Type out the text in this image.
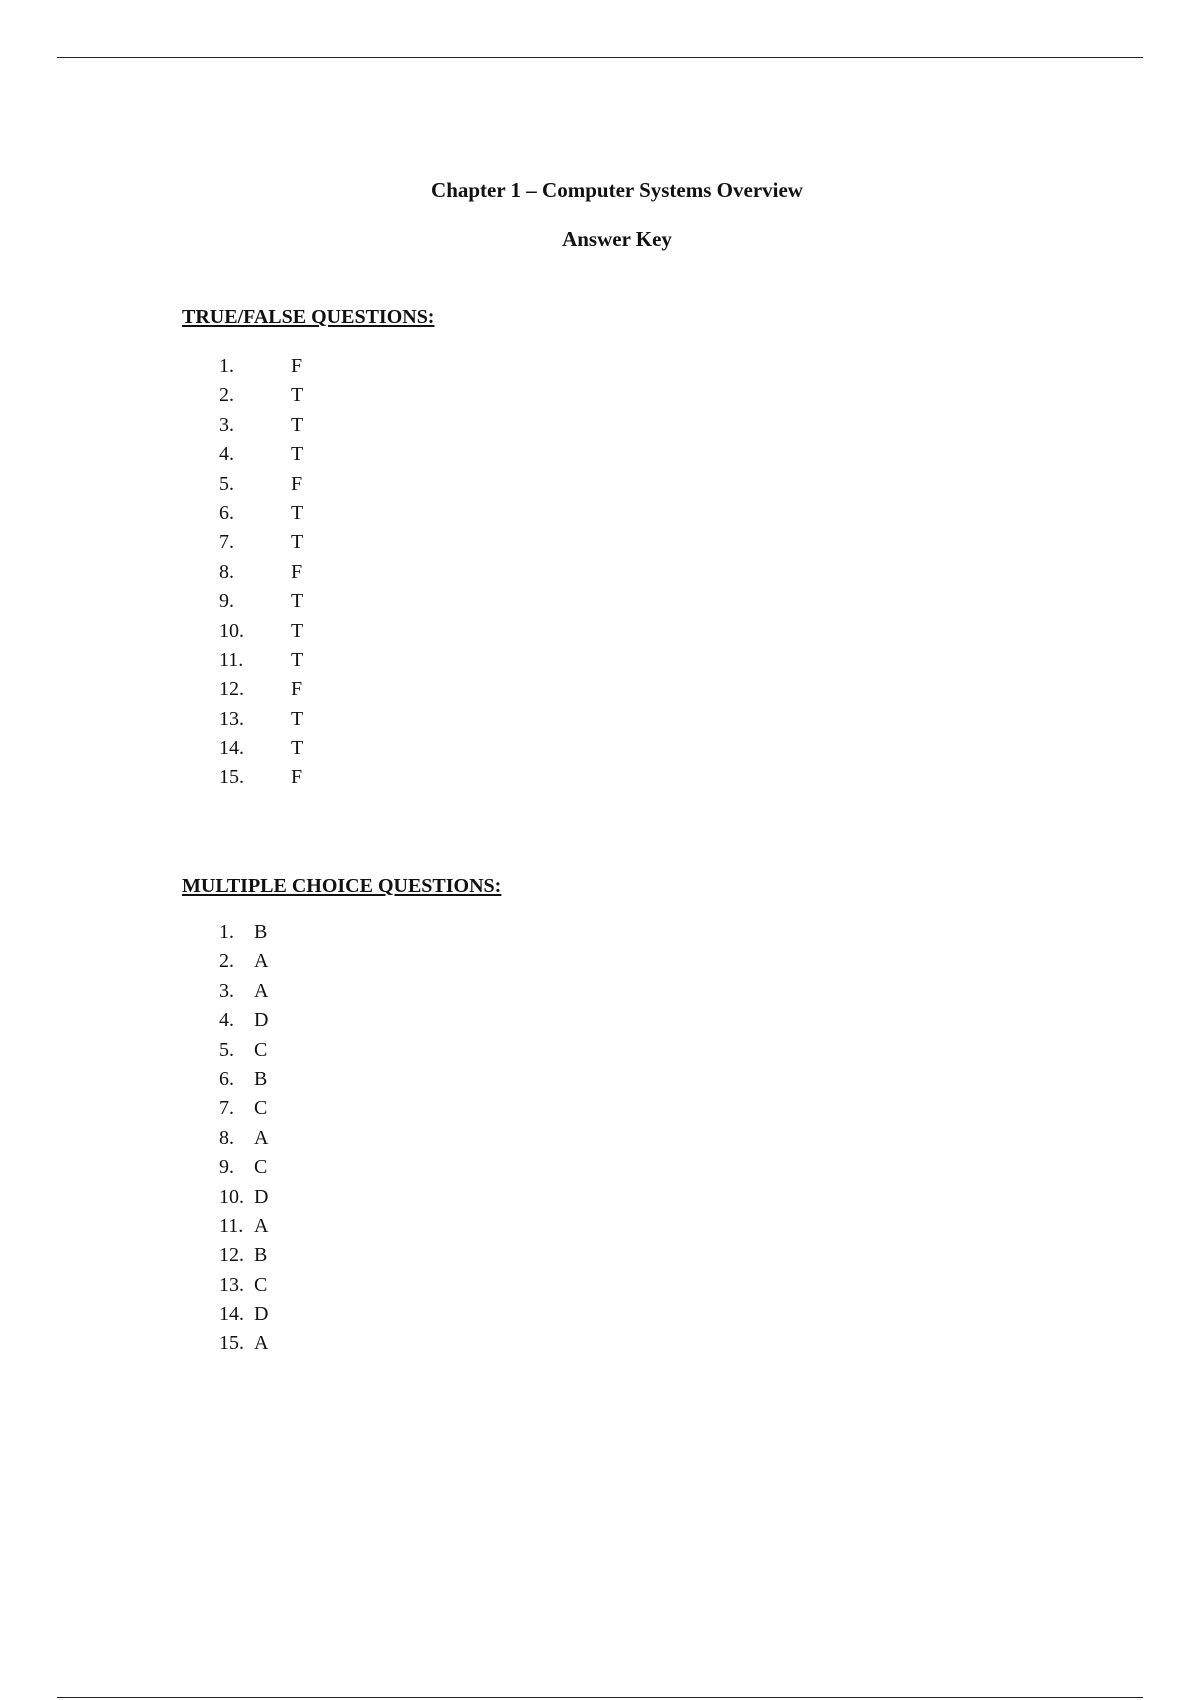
Chapter 1 – Computer Systems Overview
Answer Key
TRUE/FALSE QUESTIONS:
1.	F
2.	T
3.	T
4.	T
5.	F
6.	T
7.	T
8.	F
9.	T
10. T
11. T
12. F
13. T
14. T
15. F
MULTIPLE CHOICE QUESTIONS:
1. B
2. A
3. A
4. D
5. C
6. B
7. C
8. A
9. C
10. D
11. A
12. B
13. C
14. D
15. A
